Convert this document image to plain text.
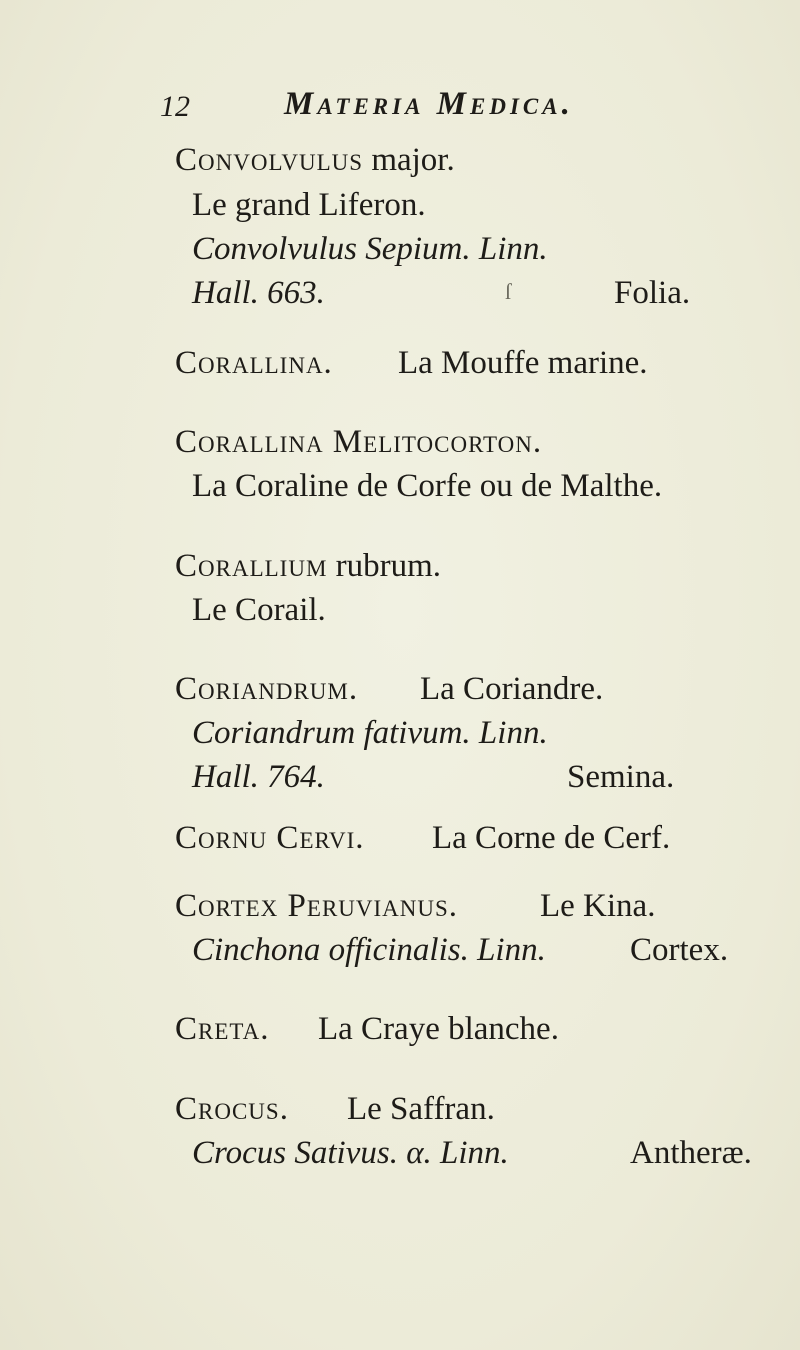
12	Materia Medica.
Convolvulus major.
Le grand Liferon.
Convolvulus Sepium. Linn.
Hall. 663.	ſ	Folia.
Corallina. La Mouffe marine.
Corallina Melitocorton.
La Coraline de Corfe ou de Malthe.
Corallium rubrum.
Le Corail.
Coriandrum. La Coriandre.
Coriandrum fativum. Linn.
Hall. 764.	Semina.
Cornu Cervi. La Corne de Cerf.
Cortex Peruvianus. Le Kina.
Cinchona officinalis. Linn.	Cortex.
Creta. La Craye blanche.
Crocus. Le Saffran.
Crocus Sativus. α. Linn.	Antheræ.
